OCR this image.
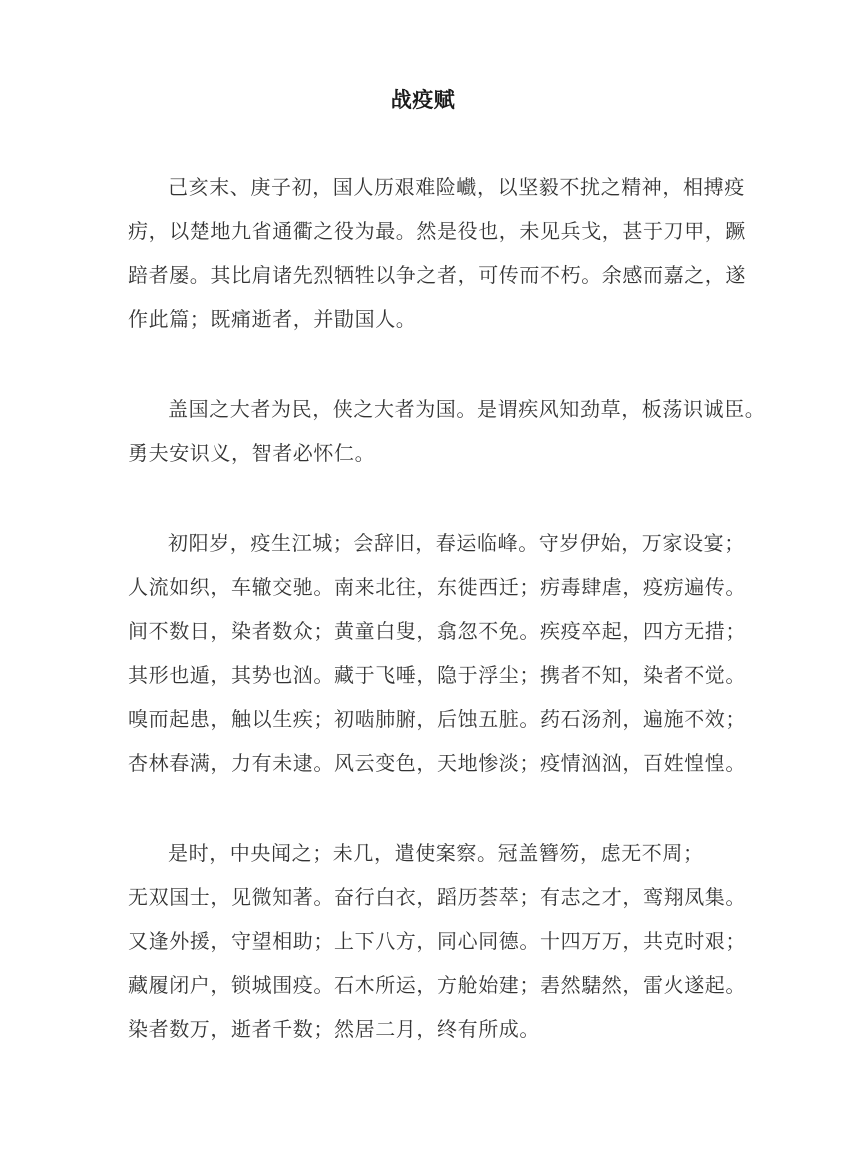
战疫赋
己亥末、庚子初，国人历艰难险巇，以坚毅不扰之精神，相搏疫
疠，以楚地九省通衢之役为最。然是役也，未见兵戈，甚于刀甲，蹶
踣者屡。其比肩诸先烈牺牲以争之者，可传而不朽。余感而嘉之，遂
作此篇；既痛逝者，并勖国人。
盖国之大者为民，侠之大者为国。是谓疾风知劲草，板荡识诚臣。
勇夫安识义，智者必怀仁。
初阳岁，疫生江城；会辞旧，春运临峰。守岁伊始，万家设宴；
人流如织，车辙交驰。南来北往，东徙西迁；疠毒肆虐，疫疠遍传。
间不数日，染者数众；黄童白叟，翕忽不免。疾疫卒起，四方无措；
其形也遁，其势也汹。藏于飞唾，隐于浮尘；携者不知，染者不觉。
嗅而起患，触以生疾；初啮肺腑，后蚀五脏。药石汤剂，遍施不效；
杏林春满，力有未逮。风云变色，天地惨淡；疫情汹汹，百姓惶惶。
是时，中央闻之；未几，遣使案察。冠盖簪笏，虑无不周；
无双国士，见微知著。奋行白衣，蹈历荟萃；有志之才，鸾翔凤集。
又逢外援，守望相助；上下八方，同心同德。十四万万，共克时艰；
藏履闭户，锁城围疫。石木所运，方舱始建；砉然騞然，雷火遂起。
染者数万，逝者千数；然居二月，终有所成。
